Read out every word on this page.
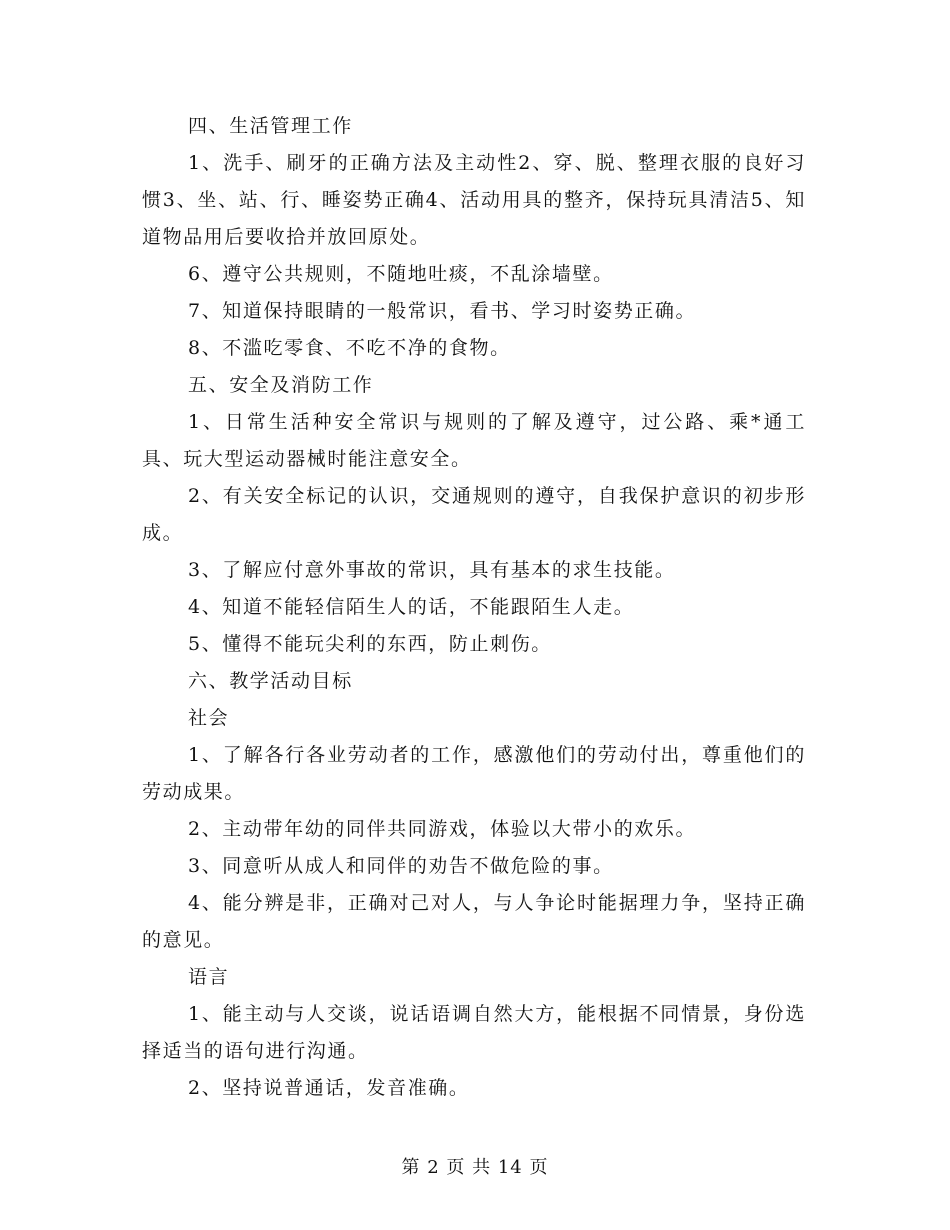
四、生活管理工作

1、洗手、刷牙的正确方法及主动性2、穿、脱、整理衣服的良好习惯3、坐、站、行、睡姿势正确4、活动用具的整齐，保持玩具清洁5、知道物品用后要收拾并放回原处。

6、遵守公共规则，不随地吐痰，不乱涂墙壁。

7、知道保持眼睛的一般常识，看书、学习时姿势正确。

8、不滥吃零食、不吃不净的食物。

五、安全及消防工作

1、日常生活种安全常识与规则的了解及遵守，过公路、乘*通工具、玩大型运动器械时能注意安全。

2、有关安全标记的认识，交通规则的遵守，自我保护意识的初步形成。

3、了解应付意外事故的常识，具有基本的求生技能。

4、知道不能轻信陌生人的话，不能跟陌生人走。

5、懂得不能玩尖利的东西，防止刺伤。

六、教学活动目标

社会

1、了解各行各业劳动者的工作，感激他们的劳动付出，尊重他们的劳动成果。

2、主动带年幼的同伴共同游戏，体验以大带小的欢乐。

3、同意听从成人和同伴的劝告不做危险的事。

4、能分辨是非，正确对己对人，与人争论时能据理力争，坚持正确的意见。

语言

1、能主动与人交谈，说话语调自然大方，能根据不同情景，身份选择适当的语句进行沟通。

2、坚持说普通话，发音准确。

第 2 页 共 14 页
